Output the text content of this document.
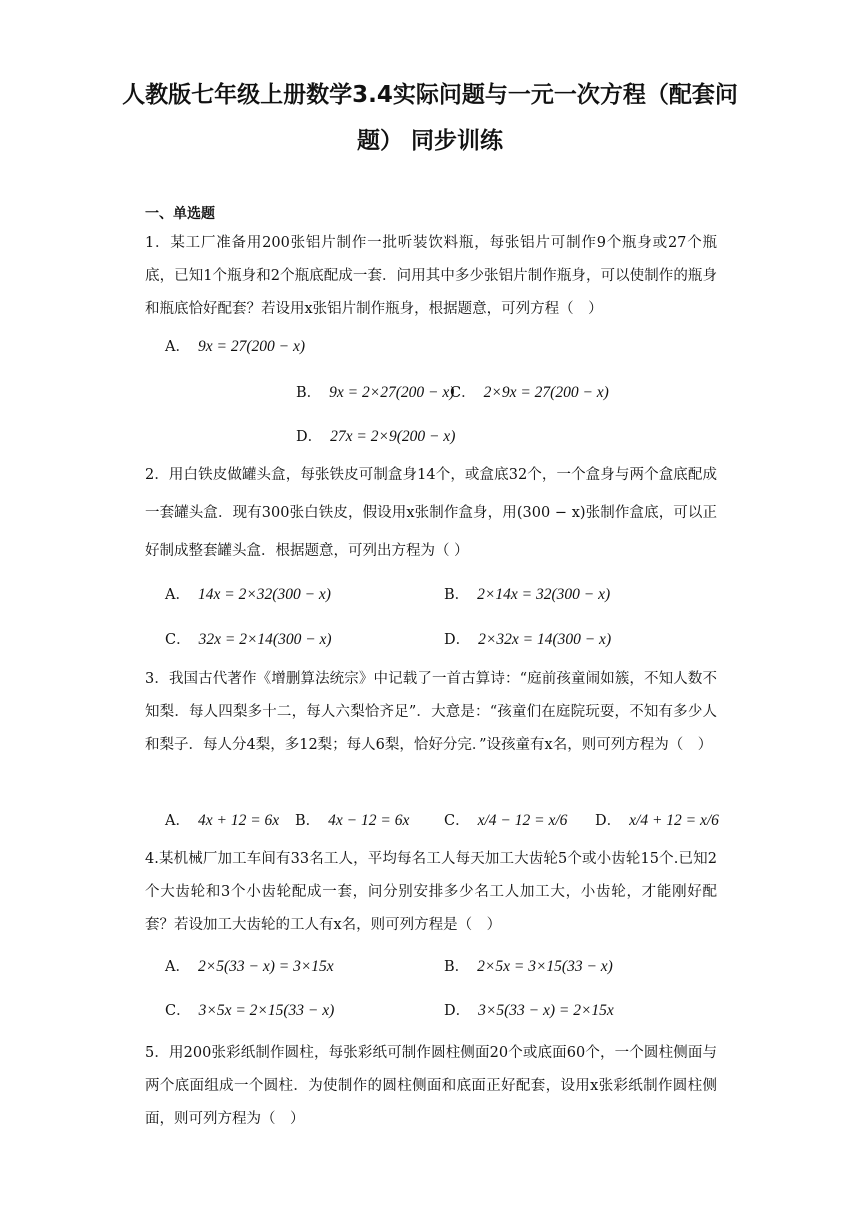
人教版七年级上册数学3.4实际问题与一元一次方程（配套问题） 同步训练
一、单选题
1．某工厂准备用200张铝片制作一批听装饮料瓶，每张铝片可制作9个瓶身或27个瓶底，已知1个瓶身和2个瓶底配成一套．问用其中多少张铝片制作瓶身，可以使制作的瓶身和瓶底恰好配套？若设用x张铝片制作瓶身，根据题意，可列方程（　）
A． 9x = 27(200 − x)
B． 9x = 2×27(200 − x)
C． 2×9x = 27(200 − x)
D． 27x = 2×9(200 − x)
2．用白铁皮做罐头盒，每张铁皮可制盒身14个，或盒底32个，一个盒身与两个盒底配成一套罐头盒．现有300张白铁皮，假设用x张制作盒身，用(300 − x)张制作盒底，可以正好制成整套罐头盒．根据题意，可列出方程为（ ）
A． 14x = 2×32(300 − x)	B． 2×14x = 32(300 − x)
C． 32x = 2×14(300 − x)	D． 2×32x = 14(300 − x)
3．我国古代著作《增删算法统宗》中记载了一首古算诗：“庭前孩童闹如簇，不知人数不知梨．每人四梨多十二，每人六梨恰齐足”．大意是：“孩童们在庭院玩耍，不知有多少人和梨子．每人分4梨，多12梨；每人6梨，恰好分完．”设孩童有x名，则可列方程为（　）
A． 4x + 12 = 6x B． 4x − 12 = 6x C． x/4 − 12 = x/6 D． x/4 + 12 = x/6
4.某机械厂加工车间有33名工人，平均每名工人每天加工大齿轮5个或小齿轮15个.已知2个大齿轮和3个小齿轮配成一套，问分别安排多少名工人加工大，小齿轮，才能刚好配套？若设加工大齿轮的工人有x名，则可列方程是（　）
A． 2×5(33 − x) = 3×15x	B． 2×5x = 3×15(33 − x)
C． 3×5x = 2×15(33 − x)	D． 3×5(33 − x) = 2×15x
5．用200张彩纸制作圆柱，每张彩纸可制作圆柱侧面20个或底面60个，一个圆柱侧面与两个底面组成一个圆柱．为使制作的圆柱侧面和底面正好配套，设用x张彩纸制作圆柱侧面，则可列方程为（　）
